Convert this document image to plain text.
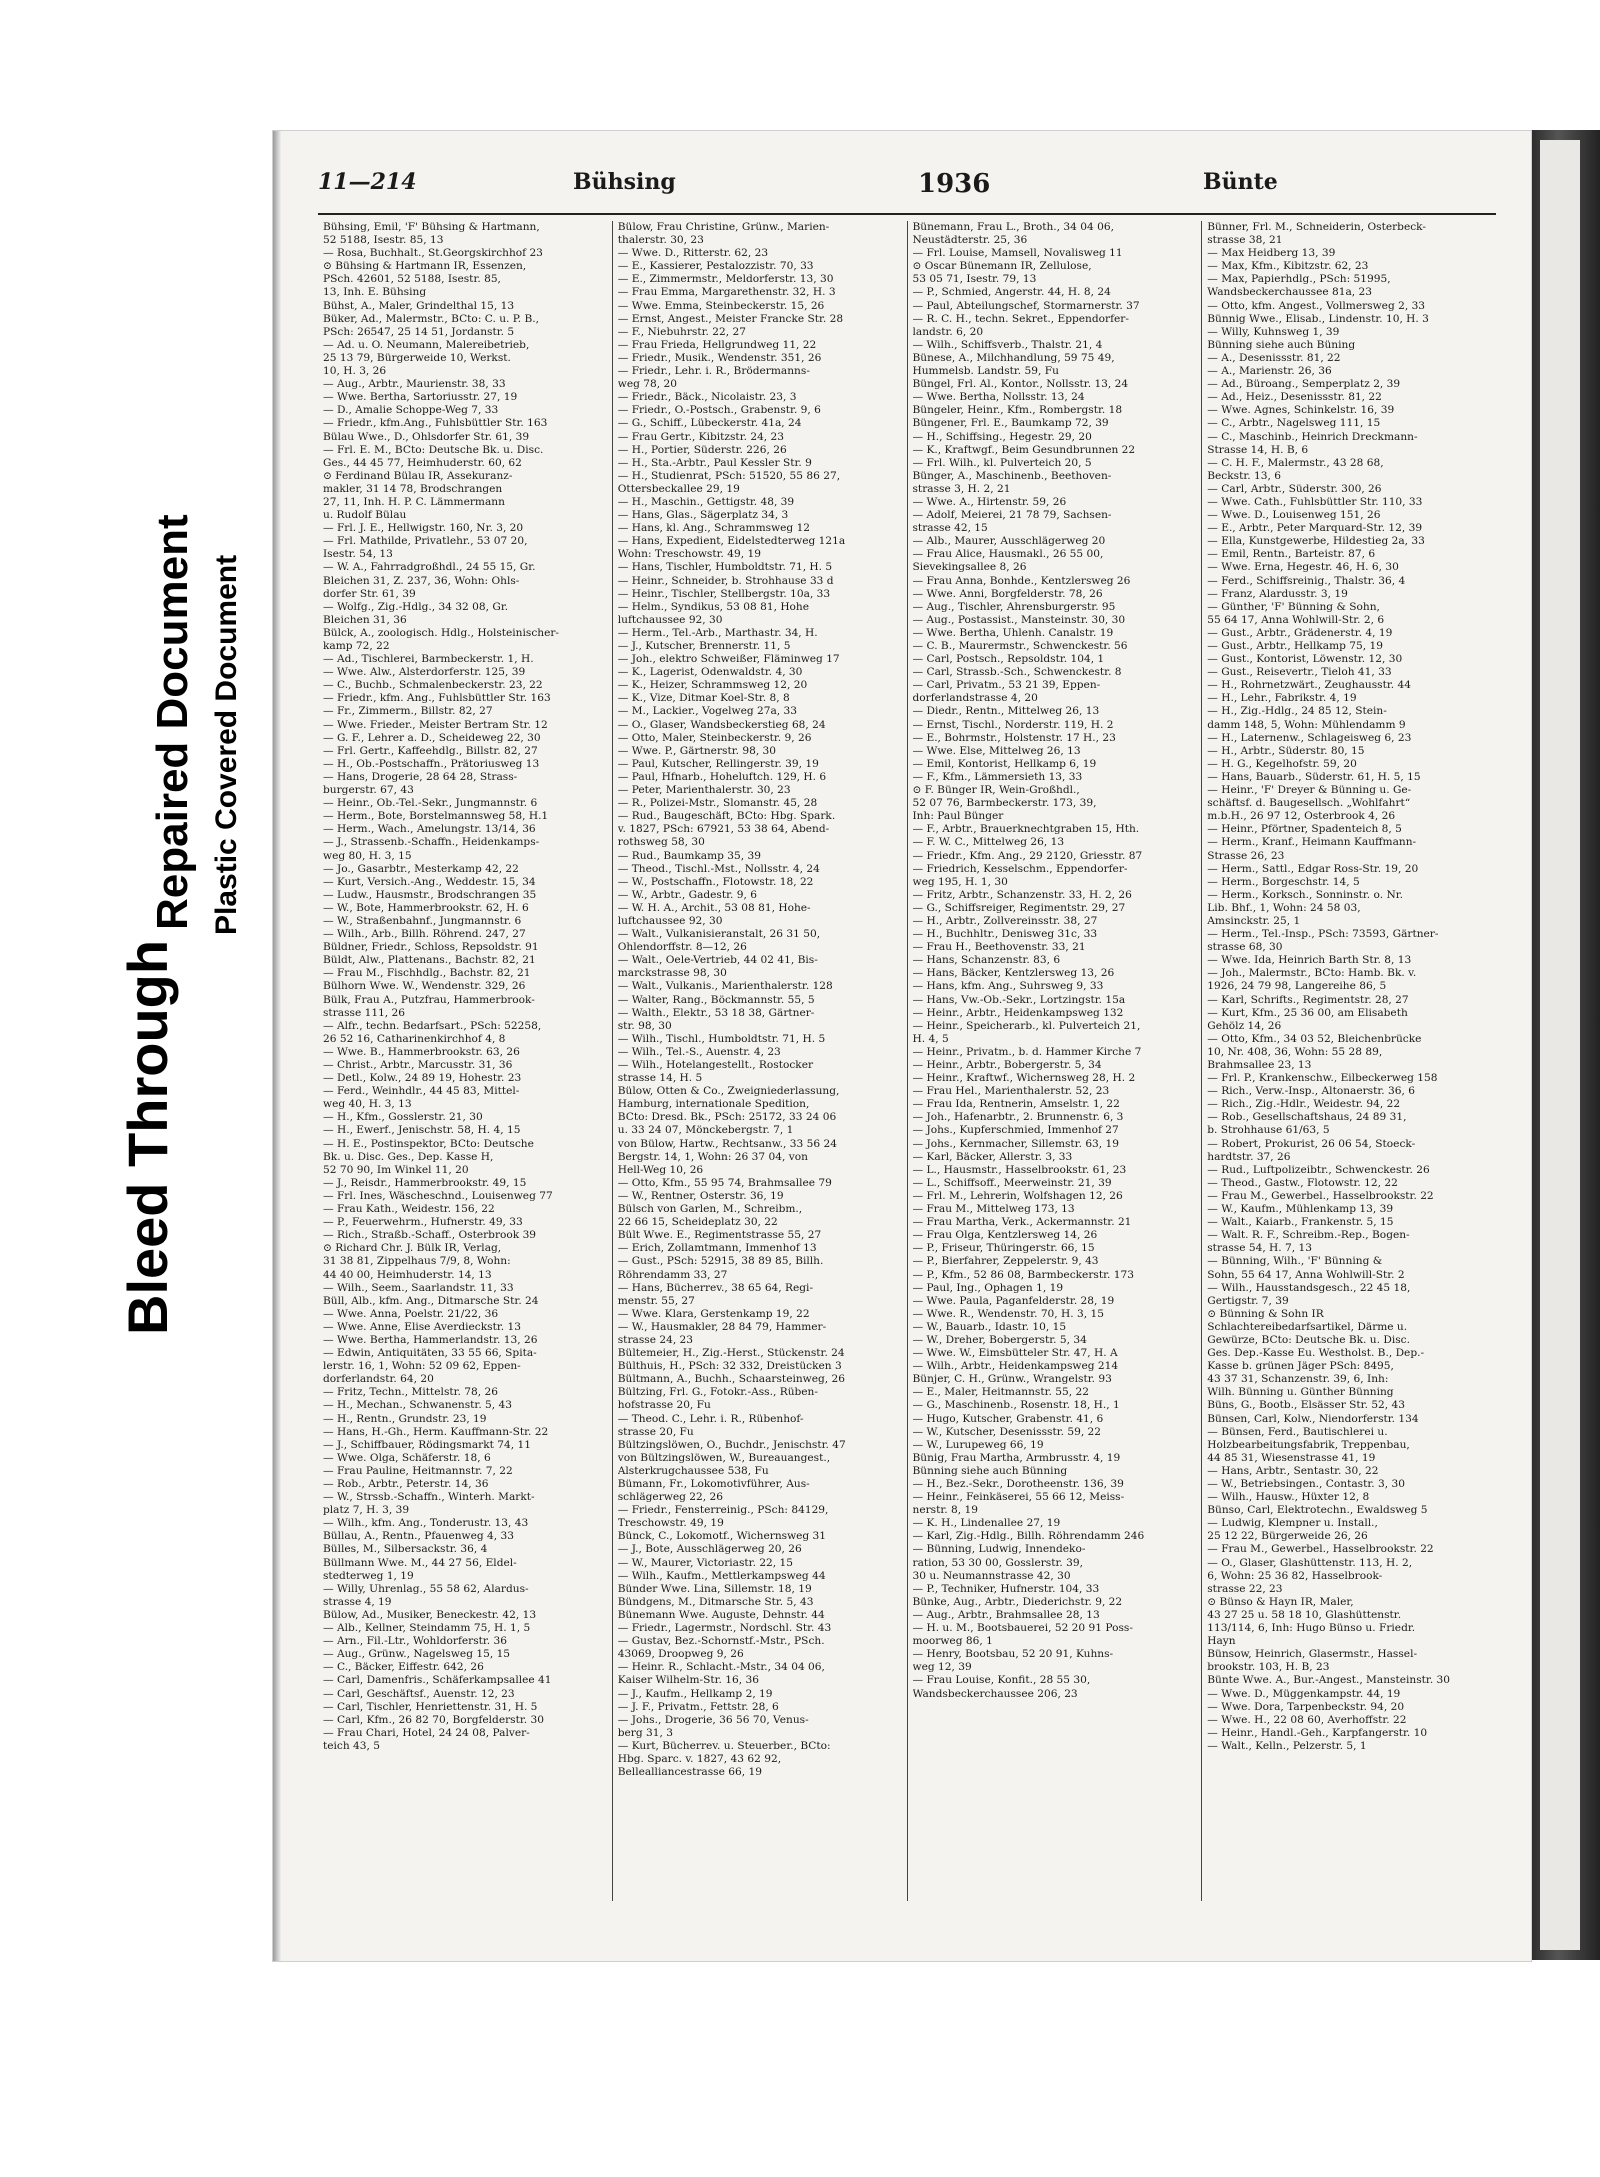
Bleed Through
Repaired Document Plastic Covered Document
11—214	Bühsing	1936	Bünte
Bühsing, Emil, 'F' Bühsing & Hartmann,
52 5188, Isestr. 85, 13
— Rosa, Buchhalt., St.Georgskirchhof 23
⊙ Bühsing & Hartmann IR, Essenzen,
PSch. 42601, 52 5188, Isestr. 85,
13, Inh. E. Bühsing
Bühst, A., Maler, Grindelthal 15, 13
Büker, Ad., Malermstr., BCto: C. u. P. B.,
PSch: 26547, 25 14 51, Jordanstr. 5
— Ad. u. O. Neumann, Malereibetrieb,
25 13 79, Bürgerweide 10, Werkst.
10, H. 3, 26
— Aug., Arbtr., Maurienstr. 38, 33
— Wwe. Bertha, Sartoriusstr. 27, 19
— D., Amalie Schoppe-Weg 7, 33
— Friedr., kfm.Ang., Fuhlsbüttler Str. 163
Bülau Wwe., D., Ohlsdorfer Str. 61, 39
— Frl. E. M., BCto: Deutsche Bk. u. Disc.
Ges., 44 45 77, Heimhuderstr. 60, 62
⊙ Ferdinand Bülau IR, Assekuranz-
makler, 31 14 78, Brodschrangen
27, 11, Inh. H. P. C. Lämmermann
u. Rudolf Bülau
— Frl. J. E., Hellwigstr. 160, Nr. 3, 20
— Frl. Mathilde, Privatlehr., 53 07 20,
Isestr. 54, 13
— W. A., Fahrradgroßhdl., 24 55 15, Gr.
Bleichen 31, Z. 237, 36, Wohn: Ohls-
dorfer Str. 61, 39
— Wolfg., Zig.-Hdlg., 34 32 08, Gr.
Bleichen 31, 36
Bülck, A., zoologisch. Hdlg., Holsteinischer-
kamp 72, 22
— Ad., Tischlerei, Barmbeckerstr. 1, H.
— Wwe. Alw., Alsterdorferstr. 125, 39
— C., Buchb., Schmalenbeckerstr. 23, 22
— Friedr., kfm. Ang., Fuhlsbüttler Str. 163
— Fr., Zimmerm., Billstr. 82, 27
— Wwe. Frieder., Meister Bertram Str. 12
— G. F., Lehrer a. D., Scheideweg 22, 30
— Frl. Gertr., Kaffeehdlg., Billstr. 82, 27
— H., Ob.-Postschaffn., Prätoriusweg 13
— Hans, Drogerie, 28 64 28, Strass-
burgerstr. 67, 43
— Heinr., Ob.-Tel.-Sekr., Jungmannstr. 6
— Herm., Bote, Borstelmannsweg 58, H.1
— Herm., Wach., Amelungstr. 13/14, 36
— J., Strassenb.-Schaffn., Heidenkamps-
weg 80, H. 3, 15
— Jo., Gasarbtr., Mesterkamp 42, 22
— Kurt, Versich.-Ang., Weddestr. 15, 34
— Ludw., Hausmstr., Brodschrangen 35
— W., Bote, Hammerbrookstr. 62, H. 6
— W., Straßenbahnf., Jungmannstr. 6
— Wilh., Arb., Billh. Röhrend. 247, 27
Büldner, Friedr., Schloss, Repsoldstr. 91
Büldt, Alw., Plattenans., Bachstr. 82, 21
— Frau M., Fischhdlg., Bachstr. 82, 21
Bülhorn Wwe. W., Wendenstr. 329, 26
Bülk, Frau A., Putzfrau, Hammerbrook-
strasse 111, 26
— Alfr., techn. Bedarfsart., PSch: 52258,
26 52 16, Catharinenkirchhof 4, 8
— Wwe. B., Hammerbrookstr. 63, 26
— Christ., Arbtr., Marcusstr. 31, 36
— Detl., Kolw., 24 89 19, Hohestr. 23
— Ferd., Weinhdlr., 44 45 83, Mittel-
weg 40, H. 3, 13
— H., Kfm., Gosslerstr. 21, 30
— H., Ewerf., Jenischstr. 58, H. 4, 15
— H. E., Postinspektor, BCto: Deutsche
Bk. u. Disc. Ges., Dep. Kasse H,
52 70 90, Im Winkel 11, 20
— J., Reisdr., Hammerbrookstr. 49, 15
— Frl. Ines, Wäscheschnd., Louisenweg 77
— Frau Kath., Weidestr. 156, 22
— P., Feuerwehrm., Hufnerstr. 49, 33
— Rich., Straßb.-Schaff., Osterbrook 39
⊙ Richard Chr. J. Bülk IR, Verlag,
31 38 81, Zippelhaus 7/9, 8, Wohn:
44 40 00, Heimhuderstr. 14, 13
— Wilh., Seem., Saarlandstr. 11, 33
Büll, Alb., kfm. Ang., Ditmarsche Str. 24
— Wwe. Anna, Poelstr. 21/22, 36
— Wwe. Anne, Elise Averdieckstr. 13
— Wwe. Bertha, Hammerlandstr. 13, 26
— Edwin, Antiquitäten, 33 55 66, Spita-
lerstr. 16, 1, Wohn: 52 09 62, Eppen-
dorferlandstr. 64, 20
— Fritz, Techn., Mittelstr. 78, 26
— H., Mechan., Schwanenstr. 5, 43
— H., Rentn., Grundstr. 23, 19
— Hans, H.-Gh., Herm. Kauffmann-Str. 22
— J., Schiffbauer, Rödingsmarkt 74, 11
— Wwe. Olga, Schäferstr. 18, 6
— Frau Pauline, Heitmannstr. 7, 22
— Rob., Arbtr., Peterstr. 14, 36
— W., Strssb.-Schaffn., Winterh. Markt-
platz 7, H. 3, 39
— Wilh., kfm. Ang., Tonderustr. 13, 43
Büllau, A., Rentn., Pfauenweg 4, 33
Bülles, M., Silbersackstr. 36, 4
Büllmann Wwe. M., 44 27 56, Eldel-
stedterweg 1, 19
— Willy, Uhrenlag., 55 58 62, Alardus-
strasse 4, 19
Bülow, Ad., Musiker, Beneckestr. 42, 13
— Alb., Kellner, Steindamm 75, H. 1, 5
— Arn., Fil.-Ltr., Wohldorferstr. 36
— Aug., Grünw., Nagelsweg 15, 15
— C., Bäcker, Eiffestr. 642, 26
— Carl, Damenfris., Schäferkampsallee 41
— Carl, Geschäftsf., Auenstr. 12, 23
— Carl, Tischler, Henriettenstr. 31, H. 5
— Carl, Kfm., 26 82 70, Borgfelderstr. 30
— Frau Chari, Hotel, 24 24 08, Palver-
teich 43, 5
Bülow, Frau Christine, Grünw., Marien-
thalerstr. 30, 23
— Wwe. D., Ritterstr. 62, 23
— E., Kassierer, Pestalozzistr. 70, 33
— E., Zimmermstr., Meldorferstr. 13, 30
— Frau Emma, Margarethenstr. 32, H. 3
— Wwe. Emma, Steinbeckerstr. 15, 26
— Ernst, Angest., Meister Francke Str. 28
— F., Niebuhrstr. 22, 27
— Frau Frieda, Hellgrundweg 11, 22
— Friedr., Musik., Wendenstr. 351, 26
— Friedr., Lehr. i. R., Brödermanns-
weg 78, 20
— Friedr., Bäck., Nicolaistr. 23, 3
— Friedr., O.-Postsch., Grabenstr. 9, 6
— G., Schiff., Lübeckerstr. 41a, 24
— Frau Gertr., Kibitzstr. 24, 23
— H., Portier, Süderstr. 226, 26
— H., Sta.-Arbtr., Paul Kessler Str. 9
— H., Studienrat, PSch: 51520, 55 86 27,
Ottersbeckallee 29, 19
— H., Maschin., Gettigstr. 48, 39
— Hans, Glas., Sägerplatz 34, 3
— Hans, kl. Ang., Schrammsweg 12
— Hans, Expedient, Eidelstedterweg 121a
Wohn: Treschowstr. 49, 19
— Hans, Tischler, Humboldtstr. 71, H. 5
— Heinr., Schneider, b. Strohhause 33 d
— Heinr., Tischler, Stellbergstr. 10a, 33
— Helm., Syndikus, 53 08 81, Hohe
luftchaussee 92, 30
— Herm., Tel.-Arb., Marthastr. 34, H.
— J., Kutscher, Brennerstr. 11, 5
— Joh., elektro Schweißer, Fläminweg 17
— K., Lagerist, Odenwaldstr. 4, 30
— K., Heizer, Schrammsweg 12, 20
— K., Vize, Ditmar Koel-Str. 8, 8
— M., Lackier., Vogelweg 27a, 33
— O., Glaser, Wandsbeckerstieg 68, 24
— Otto, Maler, Steinbeckerstr. 9, 26
— Wwe. P., Gärtnerstr. 98, 30
— Paul, Kutscher, Rellingerstr. 39, 19
— Paul, Hfnarb., Hoheluftch. 129, H. 6
— Peter, Marienthalerstr. 30, 23
— R., Polizei-Mstr., Slomanstr. 45, 28
— Rud., Baugeschäft, BCto: Hbg. Spark.
v. 1827, PSch: 67921, 53 38 64, Abend-
rothsweg 58, 30
— Rud., Baumkamp 35, 39
— Theod., Tischl.-Mst., Nollsstr. 4, 24
— W., Postschaffn., Flotowstr. 18, 22
— W., Arbtr., Gadestr. 9, 6
— W. H. A., Archit., 53 08 81, Hohe-
luftchaussee 92, 30
— Walt., Vulkanisieranstalt, 26 31 50,
Ohlendorffstr. 8—12, 26
— Walt., Oele-Vertrieb, 44 02 41, Bis-
marckstrasse 98, 30
— Walt., Vulkanis., Marienthalerstr. 128
— Walter, Rang., Böckmannstr. 55, 5
— Walth., Elektr., 53 18 38, Gärtner-
str. 98, 30
— Wilh., Tischl., Humboldtstr. 71, H. 5
— Wilh., Tel.-S., Auenstr. 4, 23
— Wilh., Hotelangestellt., Rostocker
strasse 14, H. 5
Bülow, Otten & Co., Zweigniederlassung,
Hamburg, internationale Spedition,
BCto: Dresd. Bk., PSch: 25172, 33 24 06
u. 33 24 07, Mönckebergstr. 7, 1
von Bülow, Hartw., Rechtsanw., 33 56 24
Bergstr. 14, 1, Wohn: 26 37 04, von
Hell-Weg 10, 26
— Otto, Kfm., 55 95 74, Brahmsallee 79
— W., Rentner, Osterstr. 36, 19
Bülsch von Garlen, M., Schreibm.,
22 66 15, Scheideplatz 30, 22
Bült Wwe. E., Regimentstrasse 55, 27
— Erich, Zollamtmann, Immenhof 13
— Gust., PSch: 52915, 38 89 85, Billh.
Röhrendamm 33, 27
— Hans, Bücherrev., 38 65 64, Regi-
menstr. 55, 27
— Wwe. Klara, Gerstenkamp 19, 22
— W., Hausmakler, 28 84 79, Hammer-
strasse 24, 23
Bültemeier, H., Zig.-Herst., Stückenstr. 24
Bülthuis, H., PSch: 32 332, Dreistücken 3
Bültmann, A., Buchh., Schaarsteinweg, 26
Bültzing, Frl. G., Fotokr.-Ass., Rüben-
hofstrasse 20, Fu
— Theod. C., Lehr. i. R., Rübenhof-
strasse 20, Fu
Bültzingslöwen, O., Buchdr., Jenischstr. 47
von Bültzingslöwen, W., Bureauangest.,
Alsterkrugchaussee 538, Fu
Bümann, Fr., Lokomotivführer, Aus-
schlägerweg 22, 26
— Friedr., Fensterreinig., PSch: 84129,
Treschowstr. 49, 19
Bünck, C., Lokomotf., Wichernsweg 31
— J., Bote, Ausschlägerweg 20, 26
— W., Maurer, Victoriastr. 22, 15
— Wilh., Kaufm., Mettlerkampsweg 44
Bünder Wwe. Lina, Sillemstr. 18, 19
Bündgens, M., Ditmarsche Str. 5, 43
Bünemann Wwe. Auguste, Dehnstr. 44
— Friedr., Lagermstr., Nordschl. Str. 43
— Gustav, Bez.-Schornstf.-Mstr., PSch.
43069, Droopweg 9, 26
— Heinr. R., Schlacht.-Mstr., 34 04 06,
Kaiser Wilhelm-Str. 16, 36
— J., Kaufm., Hellkamp 2, 19
— J. F., Privatm., Fettstr. 28, 6
— Johs., Drogerie, 36 56 70, Venus-
berg 31, 3
— Kurt, Bücherrev. u. Steuerber., BCto:
Hbg. Sparc. v. 1827, 43 62 92,
Bellealliancestrasse 66, 19
Bünemann, Frau L., Broth., 34 04 06,
Neustädterstr. 25, 36
— Frl. Louise, Mamsell, Novalisweg 11
⊙ Oscar Bünemann IR, Zellulose,
53 05 71, Isestr. 79, 13
— P., Schmied, Angerstr. 44, H. 8, 24
— Paul, Abteilungschef, Stormarnerstr. 37
— R. C. H., techn. Sekret., Eppendorfer-
landstr. 6, 20
— Wilh., Schiffsverb., Thalstr. 21, 4
Bünese, A., Milchhandlung, 59 75 49,
Hummelsb. Landstr. 59, Fu
Büngel, Frl. Al., Kontor., Nollsstr. 13, 24
— Wwe. Bertha, Nollsstr. 13, 24
Büngeler, Heinr., Kfm., Rombergstr. 18
Büngener, Frl. E., Baumkamp 72, 39
— H., Schiffsing., Hegestr. 29, 20
— K., Kraftwgf., Beim Gesundbrunnen 22
— Frl. Wilh., kl. Pulverteich 20, 5
Bünger, A., Maschinenb., Beethoven-
strasse 3, H. 2, 21
— Wwe. A., Hirtenstr. 59, 26
— Adolf, Meierei, 21 78 79, Sachsen-
strasse 42, 15
— Alb., Maurer, Ausschlägerweg 20
— Frau Alice, Hausmakl., 26 55 00,
Sievekingsallee 8, 26
— Frau Anna, Bonhde., Kentzlersweg 26
— Wwe. Anni, Borgfelderstr. 78, 26
— Aug., Tischler, Ahrensburgerstr. 95
— Aug., Postassist., Mansteinstr. 30, 30
— Wwe. Bertha, Uhlenh. Canalstr. 19
— C. B., Maurermstr., Schwenckestr. 56
— Carl, Postsch., Repsoldstr. 104, 1
— Carl, Strassb.-Sch., Schwenckestr. 8
— Carl, Privatm., 53 21 39, Eppen-
dorferlandstrasse 4, 20
— Diedr., Rentn., Mittelweg 26, 13
— Ernst, Tischl., Norderstr. 119, H. 2
— E., Bohrmstr., Holstenstr. 17 H., 23
— Wwe. Else, Mittelweg 26, 13
— Emil, Kontorist, Hellkamp 6, 19
— F., Kfm., Lämmersieth 13, 33
⊙ F. Bünger IR, Wein-Großhdl.,
52 07 76, Barmbeckerstr. 173, 39,
Inh: Paul Bünger
— F., Arbtr., Brauerknechtgraben 15, Hth.
— F. W. C., Mittelweg 26, 13
— Friedr., Kfm. Ang., 29 2120, Griesstr. 87
— Friedrich, Kesselschm., Eppendorfer-
weg 195, H. 1, 30
— Fritz, Arbtr., Schanzenstr. 33, H. 2, 26
— G., Schiffsreiger, Regimentstr. 29, 27
— H., Arbtr., Zollvereinsstr. 38, 27
— H., Buchhltr., Denisweg 31c, 33
— Frau H., Beethovenstr. 33, 21
— Hans, Schanzenstr. 83, 6
— Hans, Bäcker, Kentzlersweg 13, 26
— Hans, kfm. Ang., Suhrsweg 9, 33
— Hans, Vw.-Ob.-Sekr., Lortzingstr. 15a
— Heinr., Arbtr., Heidenkampsweg 132
— Heinr., Speicherarb., kl. Pulverteich 21,
H. 4, 5
— Heinr., Privatm., b. d. Hammer Kirche 7
— Heinr., Arbtr., Bobergerstr. 5, 34
— Heinr., Kraftwf., Wichernsweg 28, H. 2
— Frau Hel., Marienthalerstr. 52, 23
— Frau Ida, Rentnerin, Amselstr. 1, 22
— Joh., Hafenarbtr., 2. Brunnenstr. 6, 3
— Johs., Kupferschmied, Immenhof 27
— Johs., Kernmacher, Sillemstr. 63, 19
— Karl, Bäcker, Allerstr. 3, 33
— L., Hausmstr., Hasselbrookstr. 61, 23
— L., Schiffsoff., Meerweinstr. 21, 39
— Frl. M., Lehrerin, Wolfshagen 12, 26
— Frau M., Mittelweg 173, 13
— Frau Martha, Verk., Ackermannstr. 21
— Frau Olga, Kentzlersweg 14, 26
— P., Friseur, Thüringerstr. 66, 15
— P., Bierfahrer, Zeppelerstr. 9, 43
— P., Kfm., 52 86 08, Barmbeckerstr. 173
— Paul, Ing., Ophagen 1, 19
— Wwe. Paula, Paganfelderstr. 28, 19
— Wwe. R., Wendenstr. 70, H. 3, 15
— W., Bauarb., Idastr. 10, 15
— W., Dreher, Bobergerstr. 5, 34
— Wwe. W., Eimsbütteler Str. 47, H. A
— Wilh., Arbtr., Heidenkampsweg 214
Bünjer, C. H., Grünw., Wrangelstr. 93
— E., Maler, Heitmannstr. 55, 22
— G., Maschinenb., Rosenstr. 18, H., 1
— Hugo, Kutscher, Grabenstr. 41, 6
— W., Kutscher, Desenissstr. 59, 22
— W., Lurupeweg 66, 19
Bünig, Frau Martha, Armbrusstr. 4, 19
Bünning siehe auch Bünning
— H., Bez.-Sekr., Dorotheenstr. 136, 39
— Heinr., Feinkäserei, 55 66 12, Meiss-
nerstr. 8, 19
— K. H., Lindenallee 27, 19
— Karl, Zig.-Hdlg., Billh. Röhrendamm 246
— Bünning, Ludwig, Innendeko-
ration, 53 30 00, Gosslerstr. 39,
30 u. Neumannstrasse 42, 30
— P., Techniker, Hufnerstr. 104, 33
Bünke, Aug., Arbtr., Diederichstr. 9, 22
— Aug., Arbtr., Brahmsallee 28, 13
— H. u. M., Bootsbauerei, 52 20 91 Poss-
moorweg 86, 1
— Henry, Bootsbau, 52 20 91, Kuhns-
weg 12, 39
— Frau Louise, Konfit., 28 55 30,
Wandsbeckerchaussee 206, 23
Bünner, Frl. M., Schneiderin, Osterbeck-
strasse 38, 21
— Max Heidberg 13, 39
— Max, Kfm., Kibitzstr. 62, 23
— Max, Papierhdlg., PSch: 51995,
Wandsbeckerchaussee 81a, 23
— Otto, kfm. Angest., Vollmersweg 2, 33
Bünnig Wwe., Elisab., Lindenstr. 10, H. 3
— Willy, Kuhnsweg 1, 39
Bünning siehe auch Büning
— A., Desenissstr. 81, 22
— A., Marienstr. 26, 36
— Ad., Büroang., Semperplatz 2, 39
— Ad., Heiz., Desenissstr. 81, 22
— Wwe. Agnes, Schinkelstr. 16, 39
— C., Arbtr., Nagelsweg 111, 15
— C., Maschinb., Heinrich Dreckmann-
Strasse 14, H. B, 6
— C. H. F., Malermstr., 43 28 68,
Beckstr. 13, 6
— Carl, Arbtr., Süderstr. 300, 26
— Wwe. Cath., Fuhlsbüttler Str. 110, 33
— Wwe. D., Louisenweg 151, 26
— E., Arbtr., Peter Marquard-Str. 12, 39
— Ella, Kunstgewerbe, Hildestieg 2a, 33
— Emil, Rentn., Barteistr. 87, 6
— Wwe. Erna, Hegestr. 46, H. 6, 30
— Ferd., Schiffsreinig., Thalstr. 36, 4
— Franz, Alardusstr. 3, 19
— Günther, 'F' Bünning & Sohn,
55 64 17, Anna Wohlwill-Str. 2, 6
— Gust., Arbtr., Grädenerstr. 4, 19
— Gust., Arbtr., Hellkamp 75, 19
— Gust., Kontorist, Löwenstr. 12, 30
— Gust., Reisevertr., Tieloh 41, 33
— H., Rohrnetzwärt., Zeughausstr. 44
— H., Lehr., Fabrikstr. 4, 19
— H., Zig.-Hdlg., 24 85 12, Stein-
damm 148, 5, Wohn: Mühlendamm 9
— H., Laternenw., Schlageisweg 6, 23
— H., Arbtr., Süderstr. 80, 15
— H. G., Kegelhofstr. 59, 20
— Hans, Bauarb., Süderstr. 61, H. 5, 15
— Heinr., 'F' Dreyer & Bünning u. Ge-
schäftsf. d. Baugesellsch. „Wohlfahrt“
m.b.H., 26 97 12, Osterbrook 4, 26
— Heinr., Pförtner, Spadenteich 8, 5
— Herm., Kranf., Heimann Kauffmann-
Strasse 26, 23
— Herm., Sattl., Edgar Ross-Str. 19, 20
— Herm., Borgeschstr. 14, 5
— Herm., Korksch., Sonninstr. o. Nr.
Lib. Bhf., 1, Wohn: 24 58 03,
Amsinckstr. 25, 1
— Herm., Tel.-Insp., PSch: 73593, Gärtner-
strasse 68, 30
— Wwe. Ida, Heinrich Barth Str. 8, 13
— Joh., Malermstr., BCto: Hamb. Bk. v.
1926, 24 79 98, Langereihe 86, 5
— Karl, Schrifts., Regimentstr. 28, 27
— Kurt, Kfm., 25 36 00, am Elisabeth
Gehölz 14, 26
— Otto, Kfm., 34 03 52, Bleichenbrücke
10, Nr. 408, 36, Wohn: 55 28 89,
Brahmsallee 23, 13
— Frl. P., Krankenschw., Eilbeckerweg 158
— Rich., Verw.-Insp., Altonaerstr. 36, 6
— Rich., Zig.-Hdlr., Weidestr. 94, 22
— Rob., Gesellschaftshaus, 24 89 31,
b. Strohhause 61/63, 5
— Robert, Prokurist, 26 06 54, Stoeck-
hardtstr. 37, 26
— Rud., Luftpolizeibtr., Schwenckestr. 26
— Theod., Gastw., Flotowstr. 12, 22
— Frau M., Gewerbel., Hasselbrookstr. 22
— W., Kaufm., Mühlenkamp 13, 39
— Walt., Kaiarb., Frankenstr. 5, 15
— Walt. R. F., Schreibm.-Rep., Bogen-
strasse 54, H. 7, 13
— Bünning, Wilh., 'F' Bünning &
Sohn, 55 64 17, Anna Wohlwill-Str. 2
— Wilh., Hausstandsgesch., 22 45 18,
Gertigstr. 7, 39
⊙ Bünning & Sohn IR
Schlachtereibedarfsartikel, Därme u.
Gewürze, BCto: Deutsche Bk. u. Disc.
Ges. Dep.-Kasse Eu. Westholst. B., Dep.-
Kasse b. grünen Jäger PSch: 8495,
43 37 31, Schanzenstr. 39, 6, Inh:
Wilh. Bünning u. Günther Bünning
Büns, G., Bootb., Elsässer Str. 52, 43
Bünsen, Carl, Kolw., Niendorferstr. 134
— Bünsen, Ferd., Bautischlerei u.
Holzbearbeitungsfabrik, Treppenbau,
44 85 31, Wiesenstrasse 41, 19
— Hans, Arbtr., Sentastr. 30, 22
— W., Betriebsingen., Contastr. 3, 30
— Wilh., Hausw., Hüxter 12, 8
Bünso, Carl, Elektrotechn., Ewaldsweg 5
— Ludwig, Klempner u. Install.,
25 12 22, Bürgerweide 26, 26
— Frau M., Gewerbel., Hasselbrookstr. 22
— O., Glaser, Glashüttenstr. 113, H. 2,
6, Wohn: 25 36 82, Hasselbrook-
strasse 22, 23
⊙ Bünso & Hayn IR, Maler,
43 27 25 u. 58 18 10, Glashüttenstr.
113/114, 6, Inh: Hugo Bünso u. Friedr.
Hayn
Bünsow, Heinrich, Glasermstr., Hassel-
brookstr. 103, H. B, 23
Bünte Wwe. A., Bur.-Angest., Mansteinstr. 30
— Wwe. D., Müggenkampstr. 44, 19
— Wwe. Dora, Tarpenbeckstr. 94, 20
— Wwe. H., 22 08 60, Averhoffstr. 22
— Heinr., Handl.-Geh., Karpfangerstr. 10
— Walt., Kelln., Pelzerstr. 5, 1
